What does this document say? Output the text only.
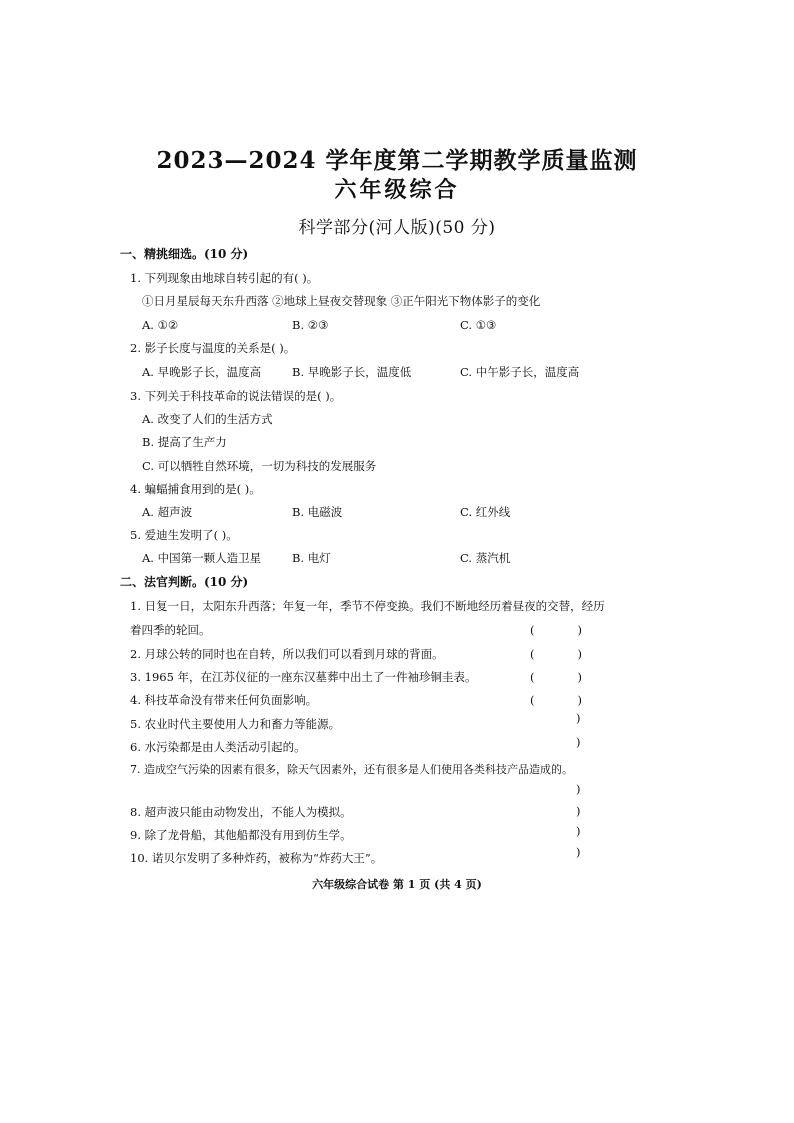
2023—2024 学年度第二学期教学质量监测
六年级综合
科学部分(河人版)(50 分)
一、精挑细选。(10 分)
1. 下列现象由地球自转引起的有( )。
①日月星辰每天东升西落 ②地球上昼夜交替现象 ③正午阳光下物体影子的变化
A. ①②	B. ②③	C. ①③
2. 影子长度与温度的关系是( )。
A. 早晚影子长，温度高	B. 早晚影子长，温度低	C. 中午影子长，温度高
3. 下列关于科技革命的说法错误的是( )。
A. 改变了人们的生活方式
B. 提高了生产力
C. 可以牺牲自然环境，一切为科技的发展服务
4. 蝙蝠捕食用到的是( )。
A. 超声波	B. 电磁波	C. 红外线
5. 爱迪生发明了( )。
A. 中国第一颗人造卫星	B. 电灯	C. 蒸汽机
二、法官判断。(10 分)
1. 日复一日，太阳东升西落；年复一年，季节不停变换。我们不断地经历着昼夜的交替，经历
着四季的轮回。	(	)
2. 月球公转的同时也在自转，所以我们可以看到月球的背面。	(	)
3. 1965 年，在江苏仪征的一座东汉墓葬中出土了一件袖珍铜圭表。	(	)
4. 科技革命没有带来任何负面影响。	(	)
5. 农业时代主要使用人力和畜力等能源。	)
6. 水污染都是由人类活动引起的。	)
7. 造成空气污染的因素有很多，除天气因素外，还有很多是人们使用各类科技产品造成的。
)
8. 超声波只能由动物发出，不能人为模拟。	)
9. 除了龙骨船，其他船都没有用到仿生学。	)
10. 诺贝尔发明了多种炸药，被称为“炸药大王”。	)
六年级综合试卷 第 1 页 (共 4 页)
